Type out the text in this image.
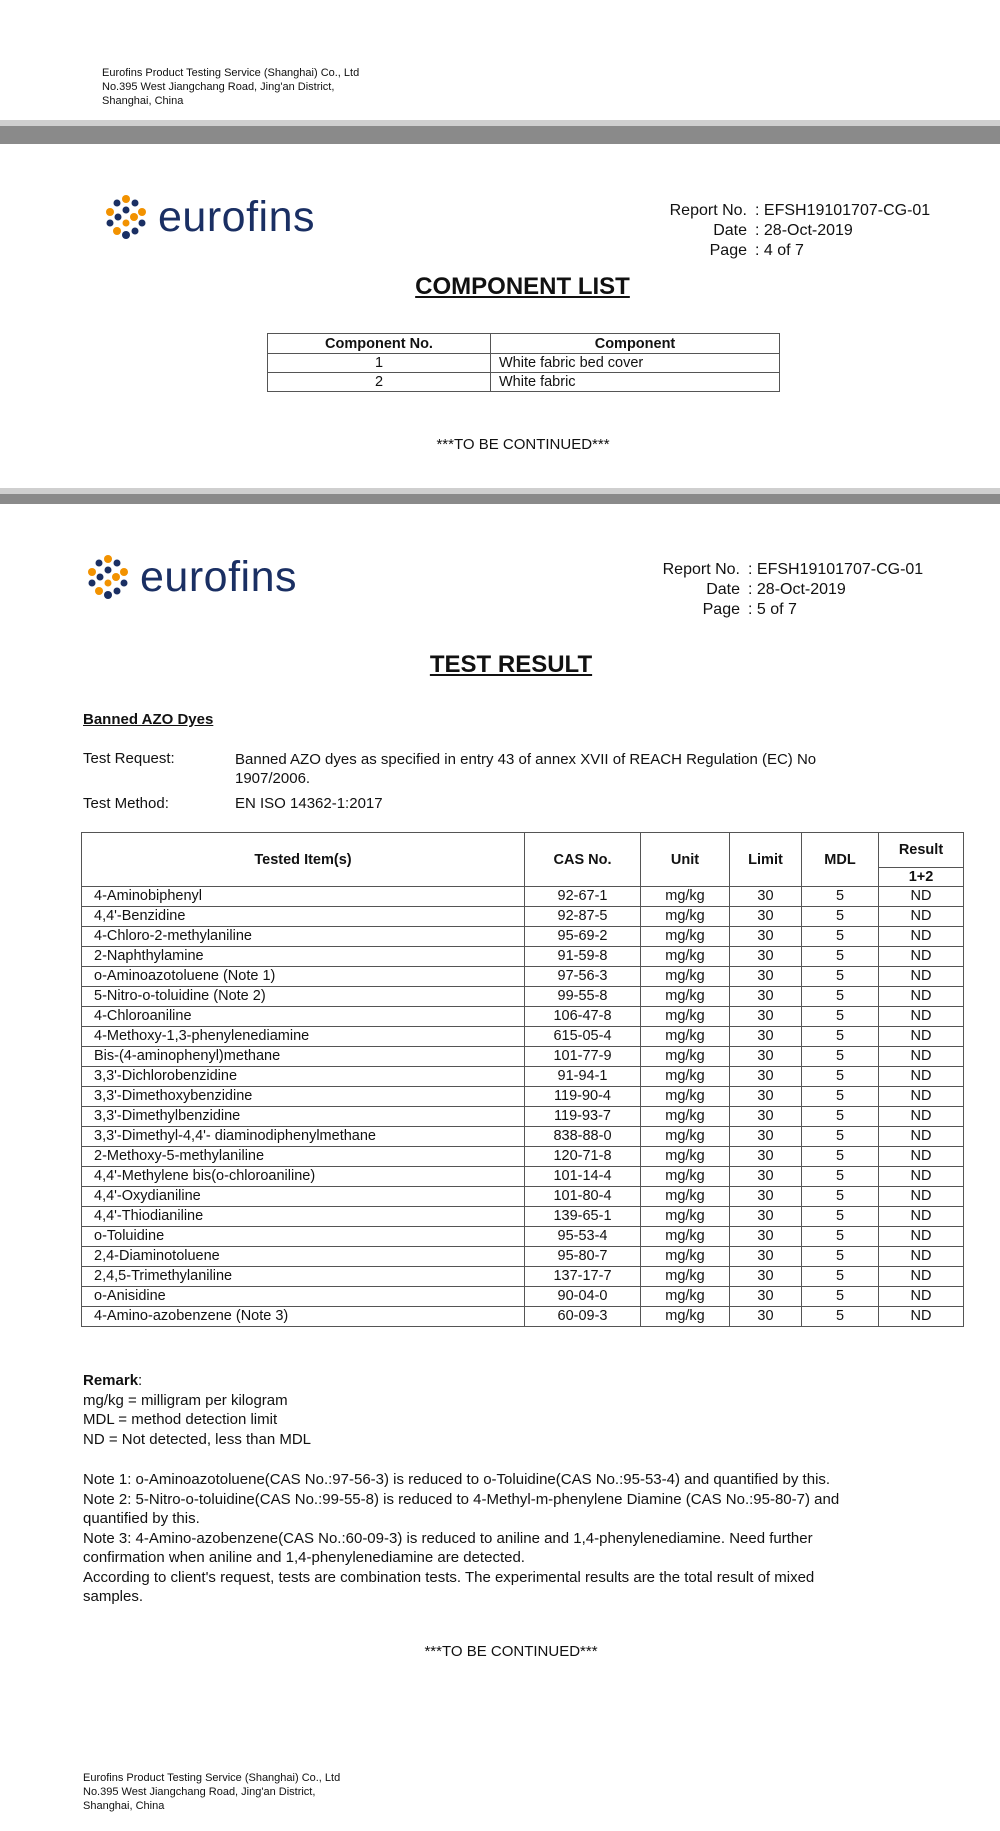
Eurofins Product Testing Service (Shanghai) Co., Ltd
No.395 West Jiangchang Road, Jing'an District,
Shanghai, China
eurofins	Report No. : EFSH19101707-CG-01
Date : 28-Oct-2019
Page : 4 of 7
COMPONENT LIST
Component No.	Component
1	White fabric bed cover
2	White fabric
***TO BE CONTINUED***
eurofins	Report No. : EFSH19101707-CG-01
Date : 28-Oct-2019
Page : 5 of 7
TEST RESULT
Banned AZO Dyes
Test Request:	Banned AZO dyes as specified in entry 43 of annex XVII of REACH Regulation (EC) No
1907/2006.
Test Method:	EN ISO 14362-1:2017
Tested Item(s)	CAS No.	Unit	Limit	MDL	Result
					1+2
4-Aminobiphenyl	92-67-1	mg/kg	30	5	ND
4,4'-Benzidine	92-87-5	mg/kg	30	5	ND
4-Chloro-2-methylaniline	95-69-2	mg/kg	30	5	ND
2-Naphthylamine	91-59-8	mg/kg	30	5	ND
o-Aminoazotoluene (Note 1)	97-56-3	mg/kg	30	5	ND
5-Nitro-o-toluidine (Note 2)	99-55-8	mg/kg	30	5	ND
4-Chloroaniline	106-47-8	mg/kg	30	5	ND
4-Methoxy-1,3-phenylenediamine	615-05-4	mg/kg	30	5	ND
Bis-(4-aminophenyl)methane	101-77-9	mg/kg	30	5	ND
3,3'-Dichlorobenzidine	91-94-1	mg/kg	30	5	ND
3,3'-Dimethoxybenzidine	119-90-4	mg/kg	30	5	ND
3,3'-Dimethylbenzidine	119-93-7	mg/kg	30	5	ND
3,3'-Dimethyl-4,4'- diaminodiphenylmethane	838-88-0	mg/kg	30	5	ND
2-Methoxy-5-methylaniline	120-71-8	mg/kg	30	5	ND
4,4'-Methylene bis(o-chloroaniline)	101-14-4	mg/kg	30	5	ND
4,4'-Oxydianiline	101-80-4	mg/kg	30	5	ND
4,4'-Thiodianiline	139-65-1	mg/kg	30	5	ND
o-Toluidine	95-53-4	mg/kg	30	5	ND
2,4-Diaminotoluene	95-80-7	mg/kg	30	5	ND
2,4,5-Trimethylaniline	137-17-7	mg/kg	30	5	ND
o-Anisidine	90-04-0	mg/kg	30	5	ND
4-Amino-azobenzene (Note 3)	60-09-3	mg/kg	30	5	ND
Remark:
mg/kg = milligram per kilogram
MDL = method detection limit
ND = Not detected, less than MDL
Note 1: o-Aminoazotoluene(CAS No.:97-56-3) is reduced to o-Toluidine(CAS No.:95-53-4) and quantified by this.
Note 2: 5-Nitro-o-toluidine(CAS No.:99-55-8) is reduced to 4-Methyl-m-phenylene Diamine (CAS No.:95-80-7) and
quantified by this.
Note 3: 4-Amino-azobenzene(CAS No.:60-09-3) is reduced to aniline and 1,4-phenylenediamine. Need further
confirmation when aniline and 1,4-phenylenediamine are detected.
According to client's request, tests are combination tests. The experimental results are the total result of mixed
samples.
***TO BE CONTINUED***
Eurofins Product Testing Service (Shanghai) Co., Ltd
No.395 West Jiangchang Road, Jing'an District,
Shanghai, China
